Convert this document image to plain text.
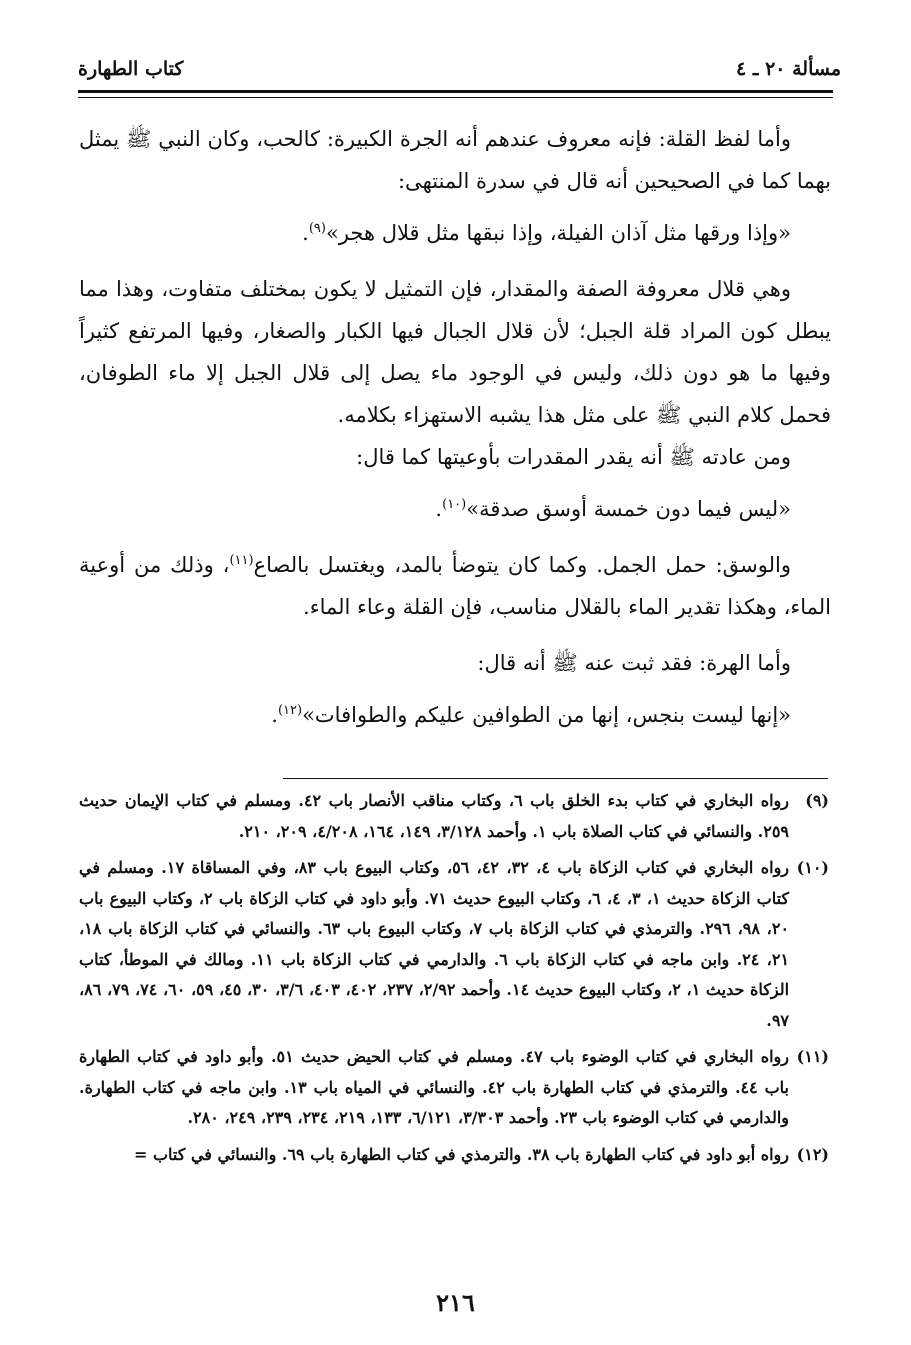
مسألة ٢٠ ـ ٤
كتاب الطهارة

وأما لفظ القلة: فإنه معروف عندهم أنه الجرة الكبيرة: كالحب، وكان النبي ﷺ يمثل بهما كما في الصحيحين أنه قال في سدرة المنتهى:

«وإذا ورقها مثل آذان الفيلة، وإذا نبقها مثل قلال هجر»$^{(٩)}$.

وهي قلال معروفة الصفة والمقدار، فإن التمثيل لا يكون بمختلف متفاوت، وهذا مما يبطل كون المراد قلة الجبل؛ لأن قلال الجبال فيها الكبار والصغار، وفيها المرتفع كثيراً وفيها ما هو دون ذلك، وليس في الوجود ماء يصل إلى قلال الجبل إلا ماء الطوفان، فحمل كلام النبي ﷺ على مثل هذا يشبه الاستهزاء بكلامه.

ومن عادته ﷺ أنه يقدر المقدرات بأوعيتها كما قال:

«ليس فيما دون خمسة أوسق صدقة»$^{(١٠)}$.

والوسق: حمل الجمل. وكما كان يتوضأ بالمد، ويغتسل بالصاع$^{(١١)}$، وذلك من أوعية الماء، وهكذا تقدير الماء بالقلال مناسب، فإن القلة وعاء الماء.

وأما الهرة: فقد ثبت عنه ﷺ أنه قال:

«إنها ليست بنجس، إنها من الطوافين عليكم والطوافات»$^{(١٢)}$.

(٩)
رواه البخاري في كتاب بدء الخلق باب ٦، وكتاب مناقب الأنصار باب ٤٢. ومسلم في كتاب الإيمان حديث ٢٥٩. والنسائي في كتاب الصلاة باب ١. وأحمد ٣/١٢٨، ١٤٩، ١٦٤، ٤/٢٠٨، ٢٠٩، ٢١٠.
(١٠)
رواه البخاري في كتاب الزكاة باب ٤، ٣٢، ٤٢، ٥٦، وكتاب البيوع باب ٨٣، وفي المساقاة ١٧. ومسلم في كتاب الزكاة حديث ١، ٣، ٤، ٦، وكتاب البيوع حديث ٧١. وأبو داود في كتاب الزكاة باب ٢، وكتاب البيوع باب ٢٠، ٩٨، ٢٩٦. والترمذي في كتاب الزكاة باب ٧، وكتاب البيوع باب ٦٣. والنسائي في كتاب الزكاة باب ١٨، ٢١، ٢٤. وابن ماجه في كتاب الزكاة باب ٦. والدارمي في كتاب الزكاة باب ١١. ومالك في الموطأ، كتاب الزكاة حديث ١، ٢، وكتاب البيوع حديث ١٤. وأحمد ٢/٩٢، ٢٣٧، ٤٠٢، ٤٠٣، ٣/٦، ٣٠، ٤٥، ٥٩، ٦٠، ٧٤، ٧٩، ٨٦، ٩٧.
(١١)
رواه البخاري في كتاب الوضوء باب ٤٧. ومسلم في كتاب الحيض حديث ٥١. وأبو داود في كتاب الطهارة باب ٤٤. والترمذي في كتاب الطهارة باب ٤٢. والنسائي في المياه باب ١٣. وابن ماجه في كتاب الطهارة. والدارمي في كتاب الوضوء باب ٢٣. وأحمد ٣/٣٠٣، ٦/١٢١، ١٣٣، ٢١٩، ٢٣٤، ٢٣٩، ٢٤٩، ٢٨٠.
(١٢)
رواه أبو داود في كتاب الطهارة باب ٣٨. والترمذي في كتاب الطهارة باب ٦٩. والنسائي في كتاب =
٢١٦
